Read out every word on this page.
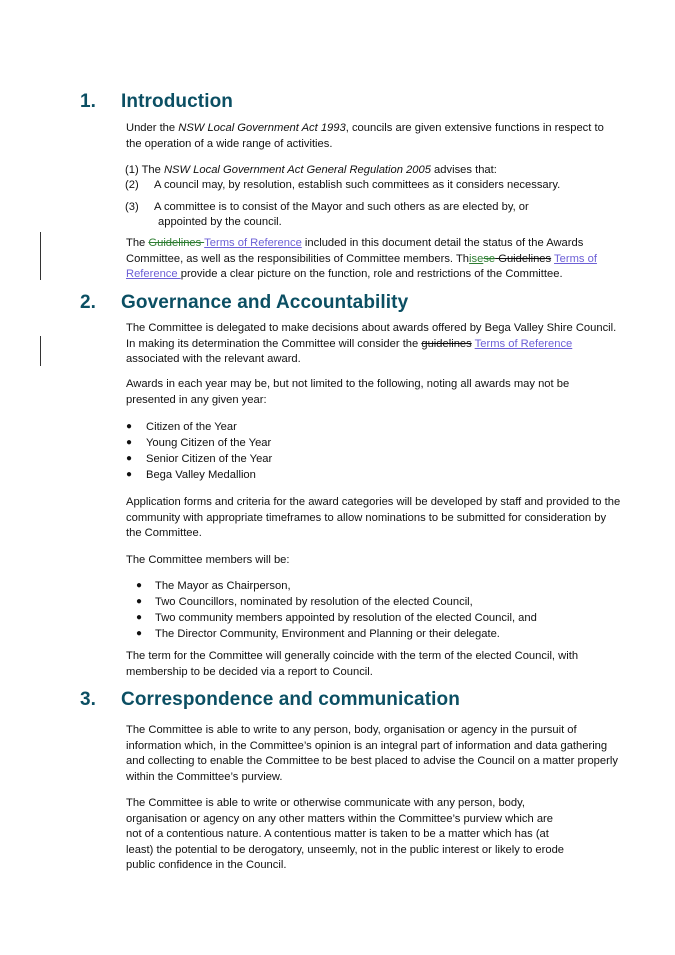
1. Introduction

Under the NSW Local Government Act 1993, councils are given extensive functions in respect to the operation of a wide range of activities.

(1) The NSW Local Government Act General Regulation 2005 advises that:

(2) A council may, by resolution, establish such committees as it considers necessary.

(3) A committee is to consist of the Mayor and such others as are elected by, or

appointed by the council.

The Guidelines Terms of Reference included in this document detail the status of the Awards Committee, as well as the responsibilities of Committee members. Thisese Guidelines Terms of Reference provide a clear picture on the function, role and restrictions of the Committee.

2. Governance and Accountability

The Committee is delegated to make decisions about awards offered by Bega Valley Shire Council. In making its determination the Committee will consider the guidelines Terms of Reference associated with the relevant award.

Awards in each year may be, but not limited to the following, noting all awards may not be presented in any given year:

● Citizen of the Year
● Young Citizen of the Year
● Senior Citizen of the Year
● Bega Valley Medallion

Application forms and criteria for the award categories will be developed by staff and provided to the community with appropriate timeframes to allow nominations to be submitted for consideration by the Committee.

The Committee members will be:

● The Mayor as Chairperson,
● Two Councillors, nominated by resolution of the elected Council,
● Two community members appointed by resolution of the elected Council, and
● The Director Community, Environment and Planning or their delegate.

The term for the Committee will generally coincide with the term of the elected Council, with membership to be decided via a report to Council.

3. Correspondence and communication

The Committee is able to write to any person, body, organisation or agency in the pursuit of information which, in the Committee’s opinion is an integral part of information and data gathering and collecting to enable the Committee to be best placed to advise the Council on a matter properly within the Committee’s purview.

The Committee is able to write or otherwise communicate with any person, body,
organisation or agency on any other matters within the Committee’s purview which are
not of a contentious nature. A contentious matter is taken to be a matter which has (at
least) the potential to be derogatory, unseemly, not in the public interest or likely to erode
public confidence in the Council.
